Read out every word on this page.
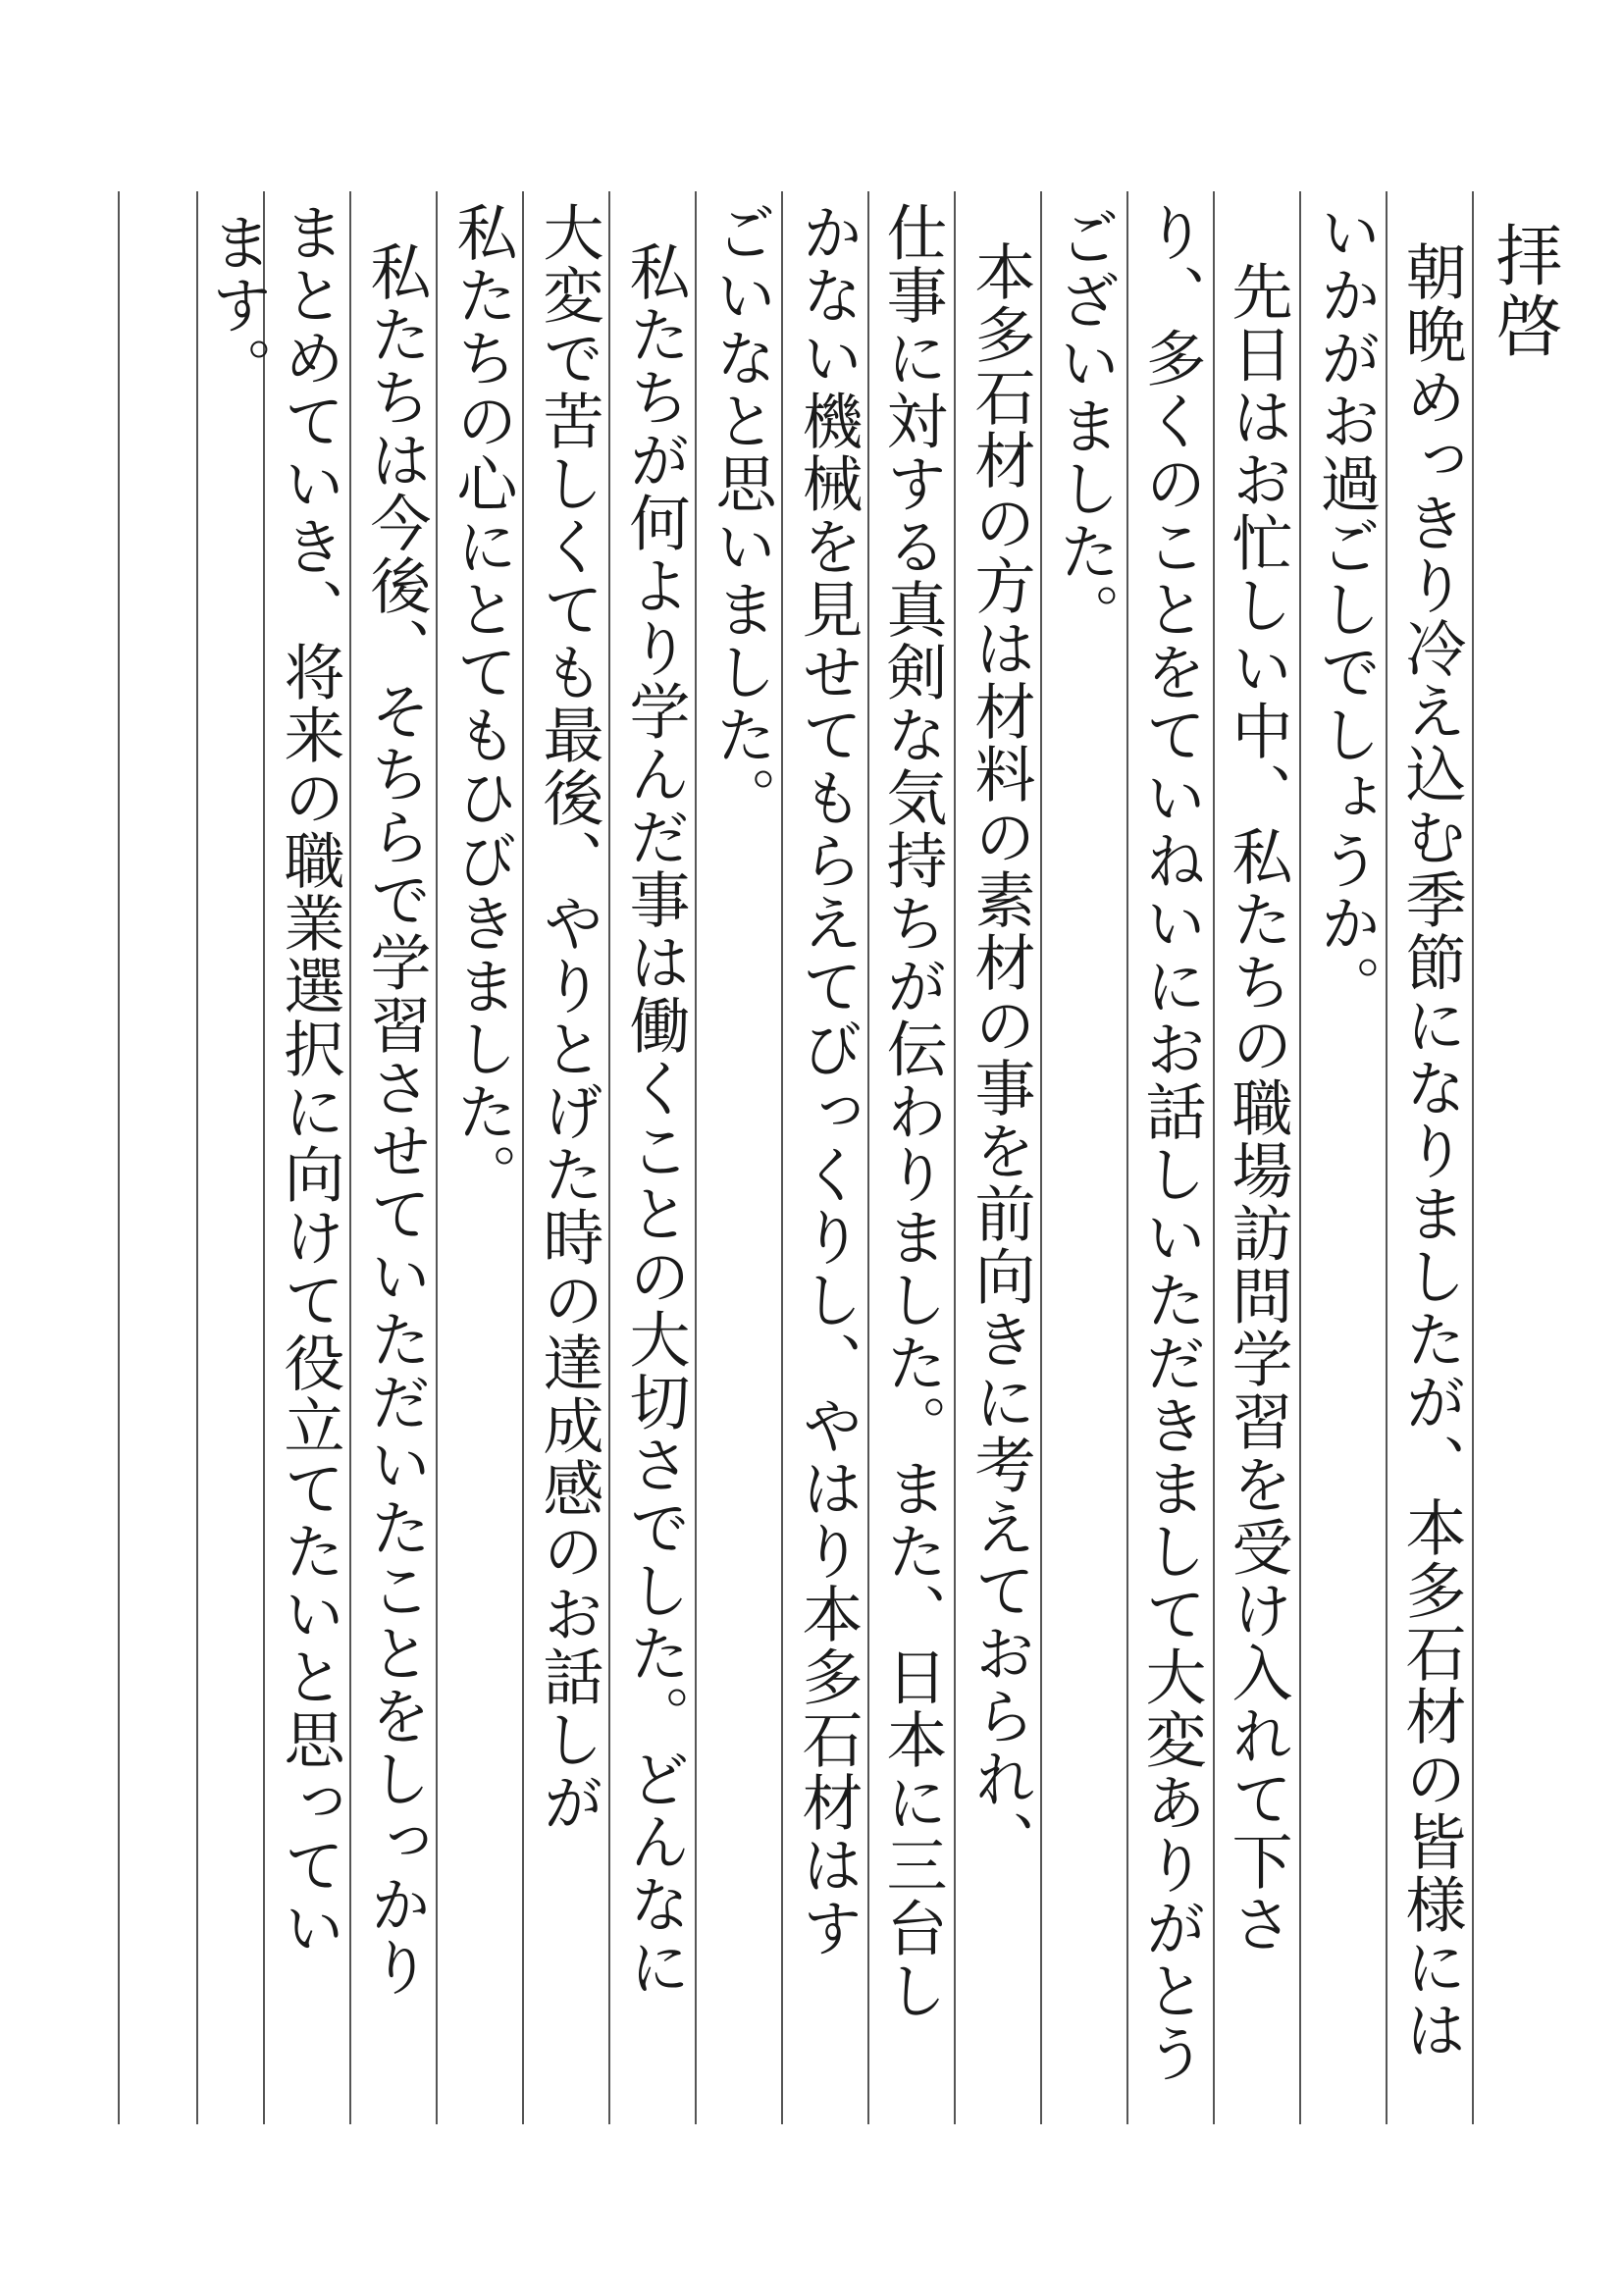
拝啓
朝晩めっきり冷え込む季節になりましたが、本多石材の皆様には
いかがお過ごしでしょうか。
先日はお忙しい中、私たちの職場訪問学習を受け入れて下さ
り、多くのことをていねいにお話しいただきまして大変ありがとう
ございました。
本多石材の方は材料の素材の事を前向きに考えておられ、
仕事に対する真剣な気持ちが伝わりました。また、日本に三台し
かない機械を見せてもらえてびっくりし、やはり本多石材はす
ごいなと思いました。
私たちが何より学んだ事は働くことの大切さでした。どんなに
大変で苦しくても最後、やりとげた時の達成感のお話しが
私たちの心にとてもひびきました。
私たちは今後、そちらで学習させていただいたことをしっかり
まとめていき、将来の職業選択に向けて役立てたいと思ってい
ます。
